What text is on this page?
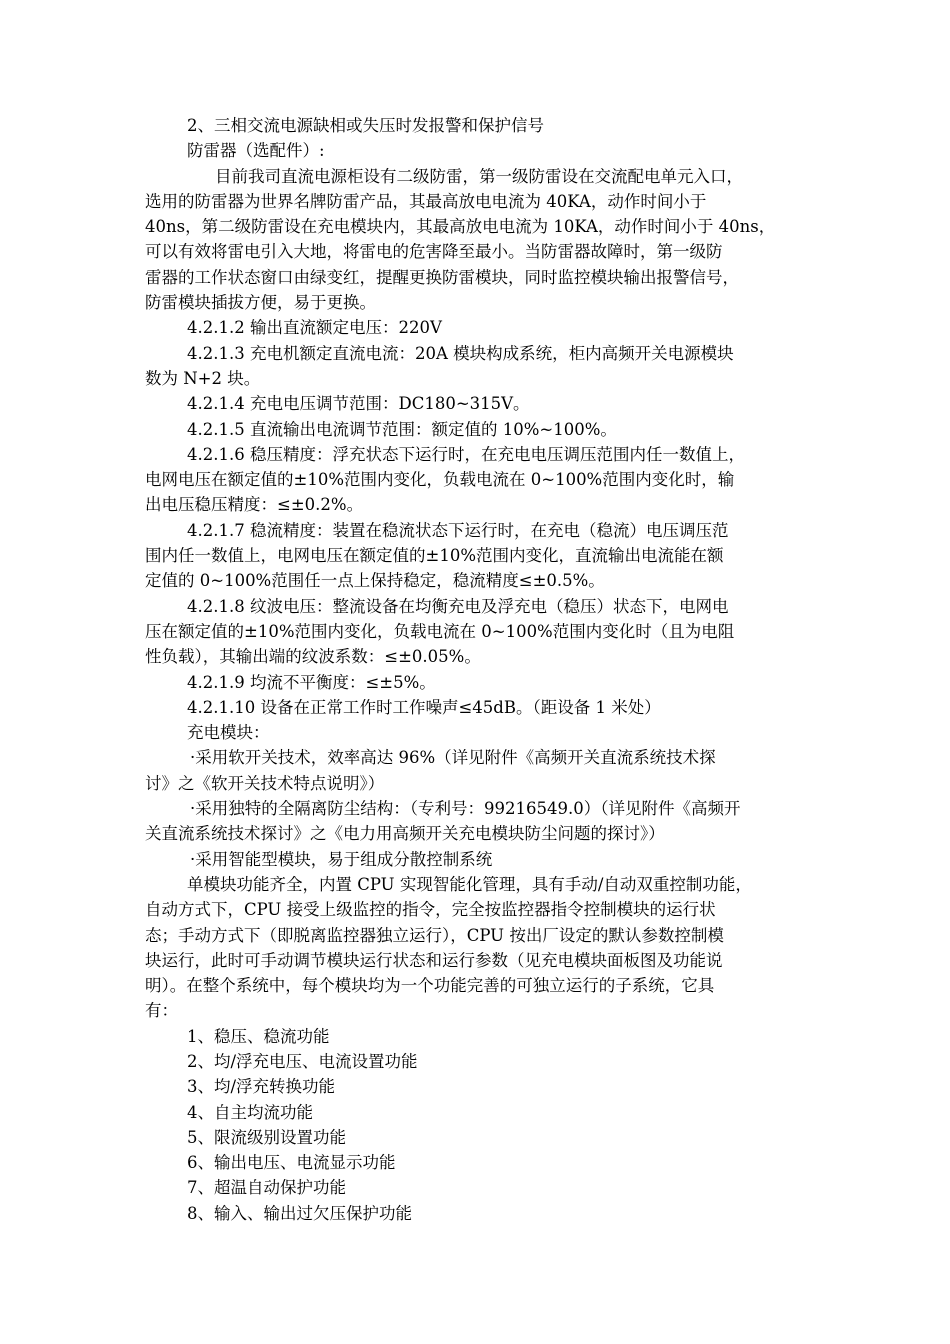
2、三相交流电源缺相或失压时发报警和保护信号
防雷器（选配件）:
目前我司直流电源柜设有二级防雷，第一级防雷设在交流配电单元入口，
选用的防雷器为世界名牌防雷产品，其最高放电电流为 40KA，动作时间小于
40ns，第二级防雷设在充电模块内，其最高放电电流为 10KA，动作时间小于 40ns，
可以有效将雷电引入大地，将雷电的危害降至最小。当防雷器故障时，第一级防
雷器的工作状态窗口由绿变红，提醒更换防雷模块，同时监控模块输出报警信号，
防雷模块插拔方便，易于更换。
4.2.1.2 输出直流额定电压：220V
4.2.1.3 充电机额定直流电流：20A 模块构成系统，柜内高频开关电源模块
数为 N+2 块。
4.2.1.4 充电电压调节范围：DC180~315V。
4.2.1.5 直流输出电流调节范围：额定值的 10%~100%。
4.2.1.6 稳压精度：浮充状态下运行时，在充电电压调压范围内任一数值上，
电网电压在额定值的±10%范围内变化，负载电流在 0~100%范围内变化时，输
出电压稳压精度：≤±0.2%。
4.2.1.7 稳流精度：装置在稳流状态下运行时，在充电（稳流）电压调压范
围内任一数值上，电网电压在额定值的±10%范围内变化，直流输出电流能在额
定值的 0~100%范围任一点上保持稳定，稳流精度≤±0.5%。
4.2.1.8 纹波电压：整流设备在均衡充电及浮充电（稳压）状态下，电网电
压在额定值的±10%范围内变化，负载电流在 0~100%范围内变化时（且为电阻
性负载），其输出端的纹波系数：≤±0.05%。
4.2.1.9 均流不平衡度：≤±5%。
4.2.1.10 设备在正常工作时工作噪声≤45dB。（距设备 1 米处）
充电模块：
·采用软开关技术，效率高达 96%（详见附件《高频开关直流系统技术探
讨》之《软开关技术特点说明》）
·采用独特的全隔离防尘结构：（专利号：99216549.0）（详见附件《高频开
关直流系统技术探讨》之《电力用高频开关充电模块防尘问题的探讨》）
·采用智能型模块，易于组成分散控制系统
单模块功能齐全，内置 CPU 实现智能化管理，具有手动/自动双重控制功能，
自动方式下，CPU 接受上级监控的指令，完全按监控器指令控制模块的运行状
态；手动方式下（即脱离监控器独立运行），CPU 按出厂设定的默认参数控制模
块运行，此时可手动调节模块运行状态和运行参数（见充电模块面板图及功能说
明）。在整个系统中，每个模块均为一个功能完善的可独立运行的子系统，它具
有：
1、稳压、稳流功能
2、均/浮充电压、电流设置功能
3、均/浮充转换功能
4、自主均流功能
5、限流级别设置功能
6、输出电压、电流显示功能
7、超温自动保护功能
8、输入、输出过欠压保护功能
